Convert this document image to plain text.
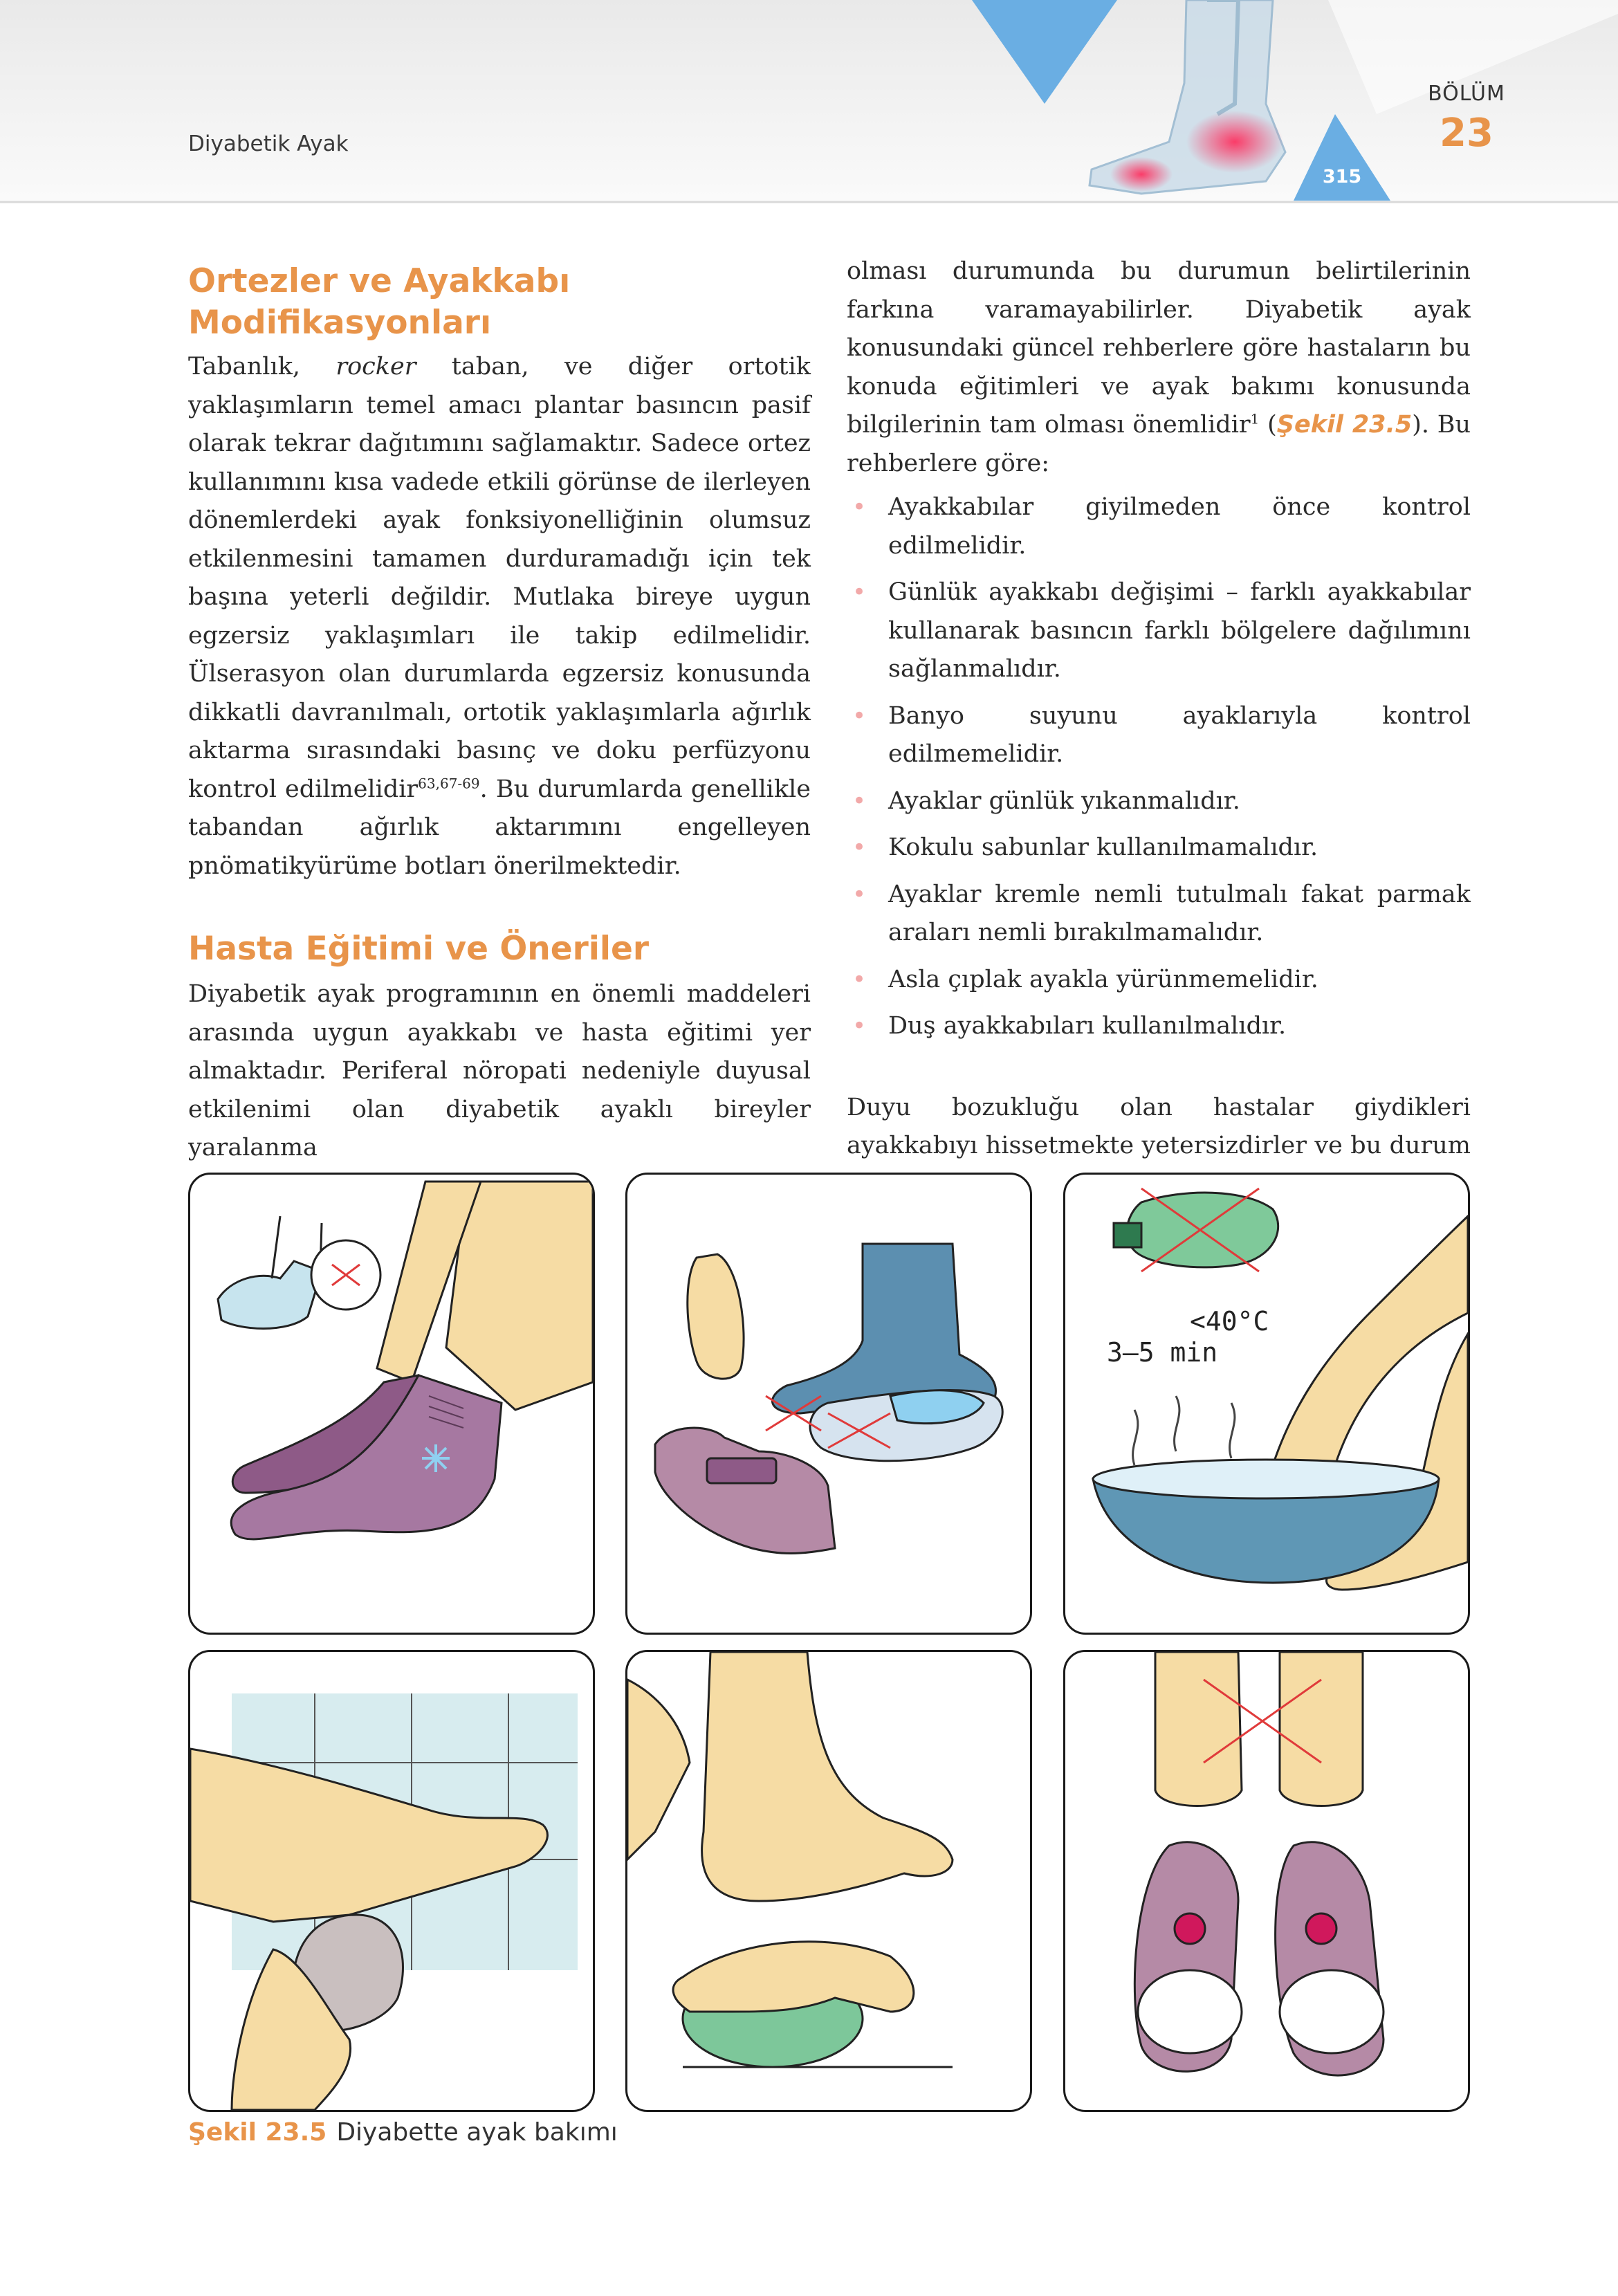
Diyabetik Ayak
BÖLÜM
23
315
Ortezler ve Ayakkabı Modifikasyonları

Tabanlık, rocker taban, ve diğer ortotik yaklaşımların temel amacı plantar basıncın pasif olarak tekrar dağıtımını sağlamaktır. Sadece ortez kullanımını kısa vadede etkili görünse de ilerleyen dönemlerdeki ayak fonksiyonelliğinin olumsuz etkilenmesini tamamen durduramadığı için tek başına yeterli değildir. Mutlaka bireye uygun egzersiz yaklaşımları ile takip edilmelidir. Ülserasyon olan durumlarda egzersiz konusunda dikkatli davranılmalı, ortotik yaklaşımlarla ağırlık aktarma sırasındaki basınç ve doku perfüzyonu kontrol edilmelidir$^{63,67-69}$. Bu durumlarda genellikle tabandan ağırlık aktarımını engelleyen pnömatikyürüme botları önerilmektedir.

Hasta Eğitimi ve Öneriler

Diyabetik ayak programının en önemli maddeleri arasında uygun ayakkabı ve hasta eğitimi yer almaktadır. Periferal nöropati nedeniyle duyusal etkilenimi olan diyabetik ayaklı bireyler yaralanma

olması durumunda bu durumun belirtilerinin farkına varamayabilirler. Diyabetik ayak konusundaki güncel rehberlere göre hastaların bu konuda eğitimleri ve ayak bakımı konusunda bilgilerinin tam olması önemlidir$^1$ (Şekil 23.5). Bu rehberlere göre:

• Ayakkabılar giyilmeden önce kontrol edilmelidir.
• Günlük ayakkabı değişimi – farklı ayakkabılar kullanarak basıncın farklı bölgelere dağılımını sağlanmalıdır.
• Banyo suyunu ayaklarıyla kontrol edilmemelidir.
• Ayaklar günlük yıkanmalıdır.
• Kokulu sabunlar kullanılmamalıdır.
• Ayaklar kremle nemli tutulmalı fakat parmak araları nemli bırakılmamalıdır.
• Asla çıplak ayakla yürünmemelidir.
• Duş ayakkabıları kullanılmalıdır.

Duyu bozukluğu olan hastalar giydikleri ayakkabıyı hissetmekte yetersizdirler ve bu durum

<40°C
3–5 min
Şekil 23.5 Diyabette ayak bakımı
